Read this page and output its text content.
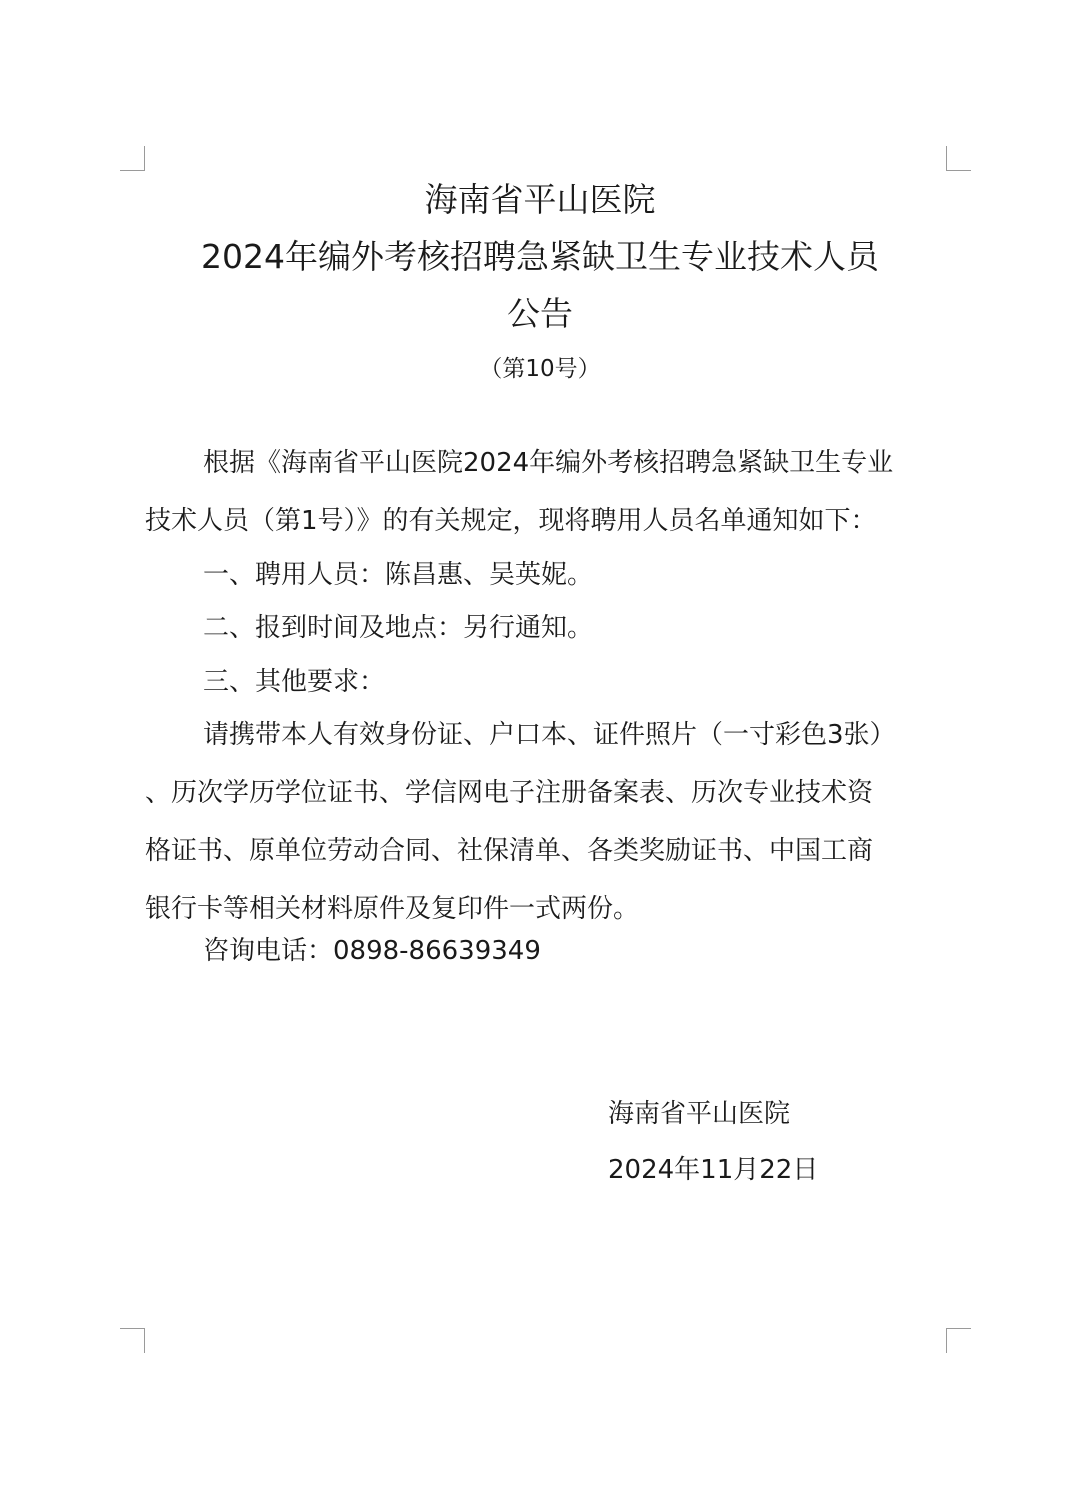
海南省平山医院
2024年编外考核招聘急紧缺卫生专业技术人员
公告
（第10号）
根据《海南省平山医院2024年编外考核招聘急紧缺卫生专业
技术人员（第1号）》的有关规定，现将聘用人员名单通知如下：
一、聘用人员：陈昌惠、吴英妮。
二、报到时间及地点：另行通知。
三、其他要求：
请携带本人有效身份证、户口本、证件照片（一寸彩色3张）
、历次学历学位证书、学信网电子注册备案表、历次专业技术资
格证书、原单位劳动合同、社保清单、各类奖励证书、中国工商
银行卡等相关材料原件及复印件一式两份。
咨询电话：0898-86639349
海南省平山医院
2024年11月22日
